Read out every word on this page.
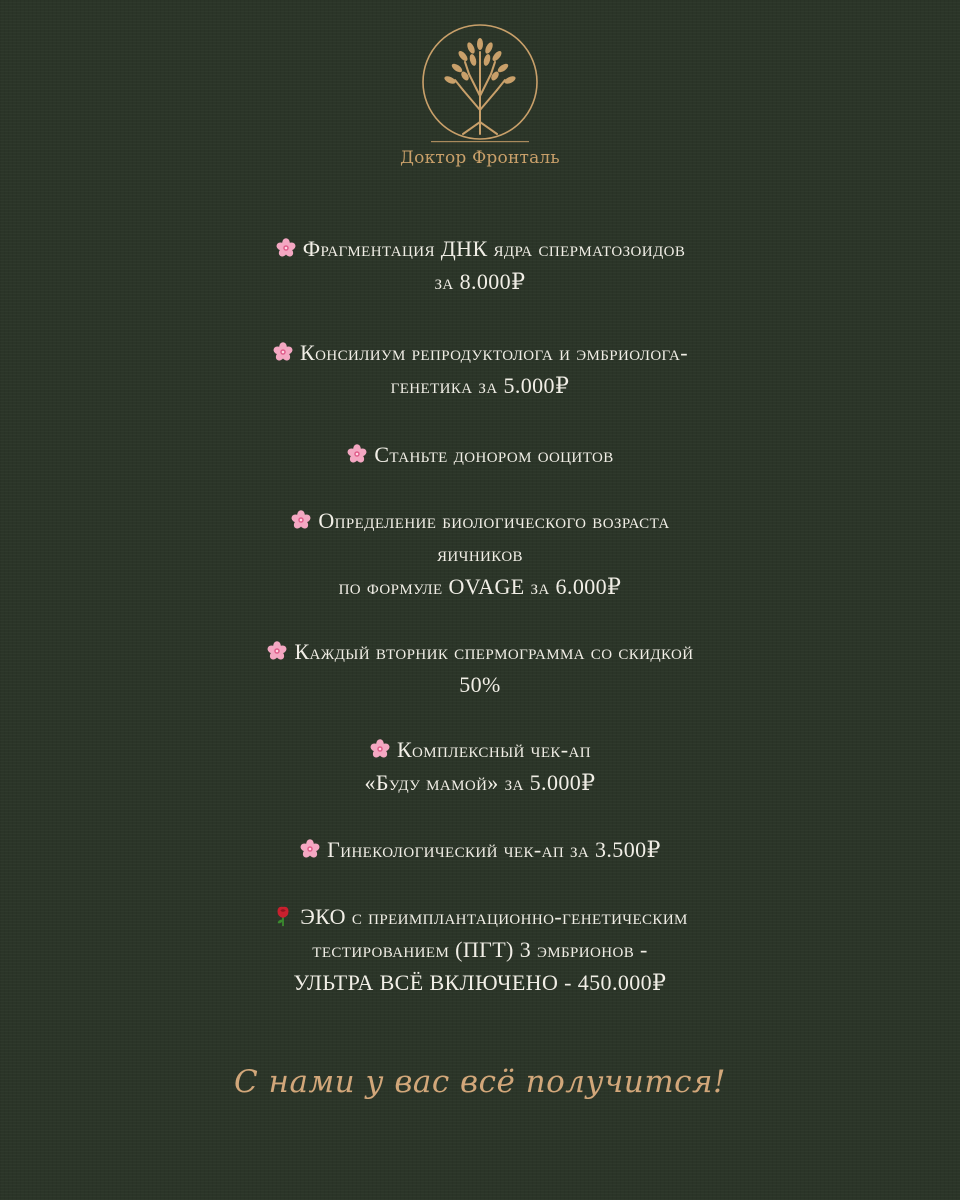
Доктор Фронталь
Фрагментация ДНК ядра сперматозоидов
за 8.000₽
Консилиум репродуктолога и эмбриолога-
генетика за 5.000₽
Станьте донором ооцитов
Определение биологического возраста
яичников
по формуле OVAGE за 6.000₽
Каждый вторник спермограмма со скидкой
50%
Комплексный чек-ап
«Буду мамой» за 5.000₽
Гинекологический чек-ап за 3.500₽
ЭКО с преимплантационно-генетическим
тестированием (ПГТ) 3 эмбрионов -
УЛЬТРА ВСЁ ВКЛЮЧЕНО - 450.000₽
С нами у вас всё получится!
